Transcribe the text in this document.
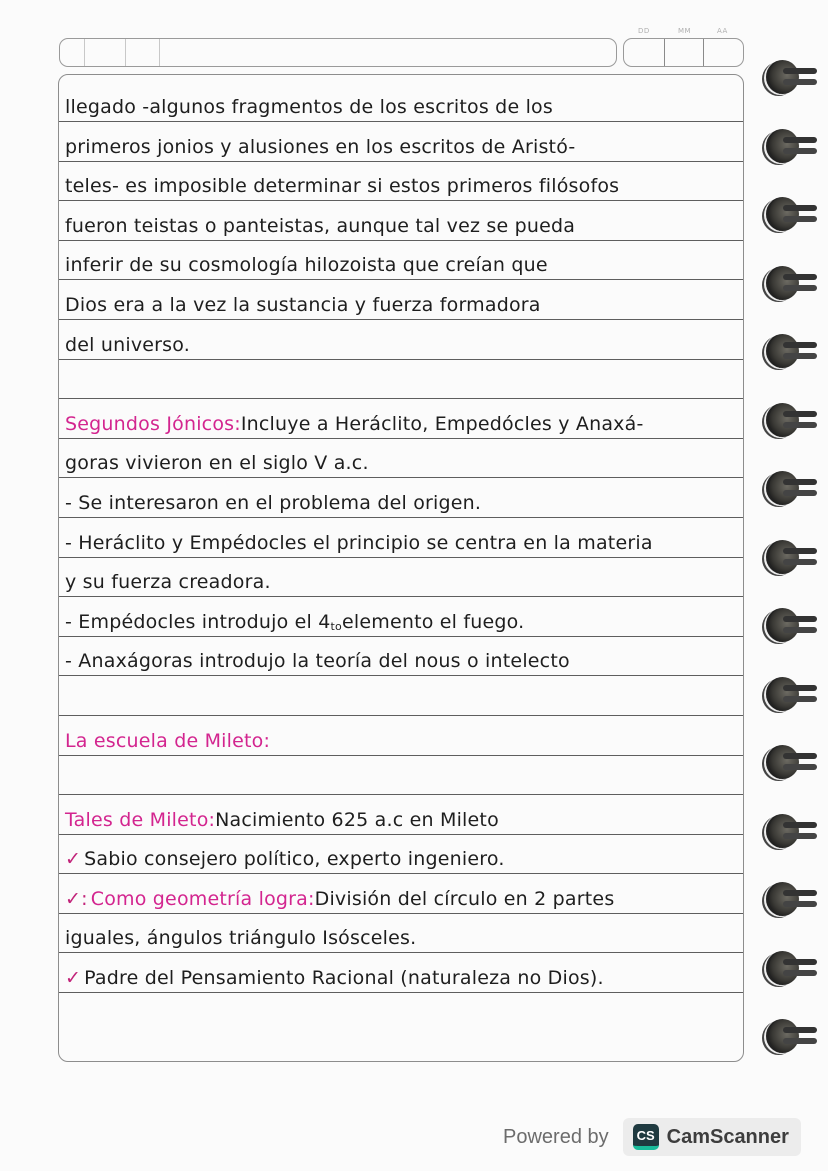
DD	MM	AA
llegado -algunos fragmentos de los escritos de los
primeros jonios y alusiones en los escritos de Aristó-
teles- es imposible determinar si estos primeros filósofos
fueron teistas o panteistas, aunque tal vez se pueda
inferir de su cosmología hilozoista que creían que
Dios era a la vez la sustancia y fuerza formadora
del universo.
Segundos Jónicos: Incluye a Heráclito, Empedócles y Anaxá-
goras vivieron en el siglo V a.c.
- Se interesaron en el problema del origen.
- Heráclito y Empédocles el principio se centra en la materia
y su fuerza creadora.
- Empédocles introdujo el 4 to elemento el fuego.
- Anaxágoras introdujo la teoría del nous o intelecto
La escuela de Mileto:
Tales de Mileto: Nacimiento 625 a.c en Mileto
✓ Sabio consejero político, experto ingeniero.
✓: Como geometría logra: División del círculo en 2 partes
iguales, ángulos triángulo Isósceles.
✓ Padre del Pensamiento Racional (naturaleza no Dios).
Powered by	CS CamScanner
